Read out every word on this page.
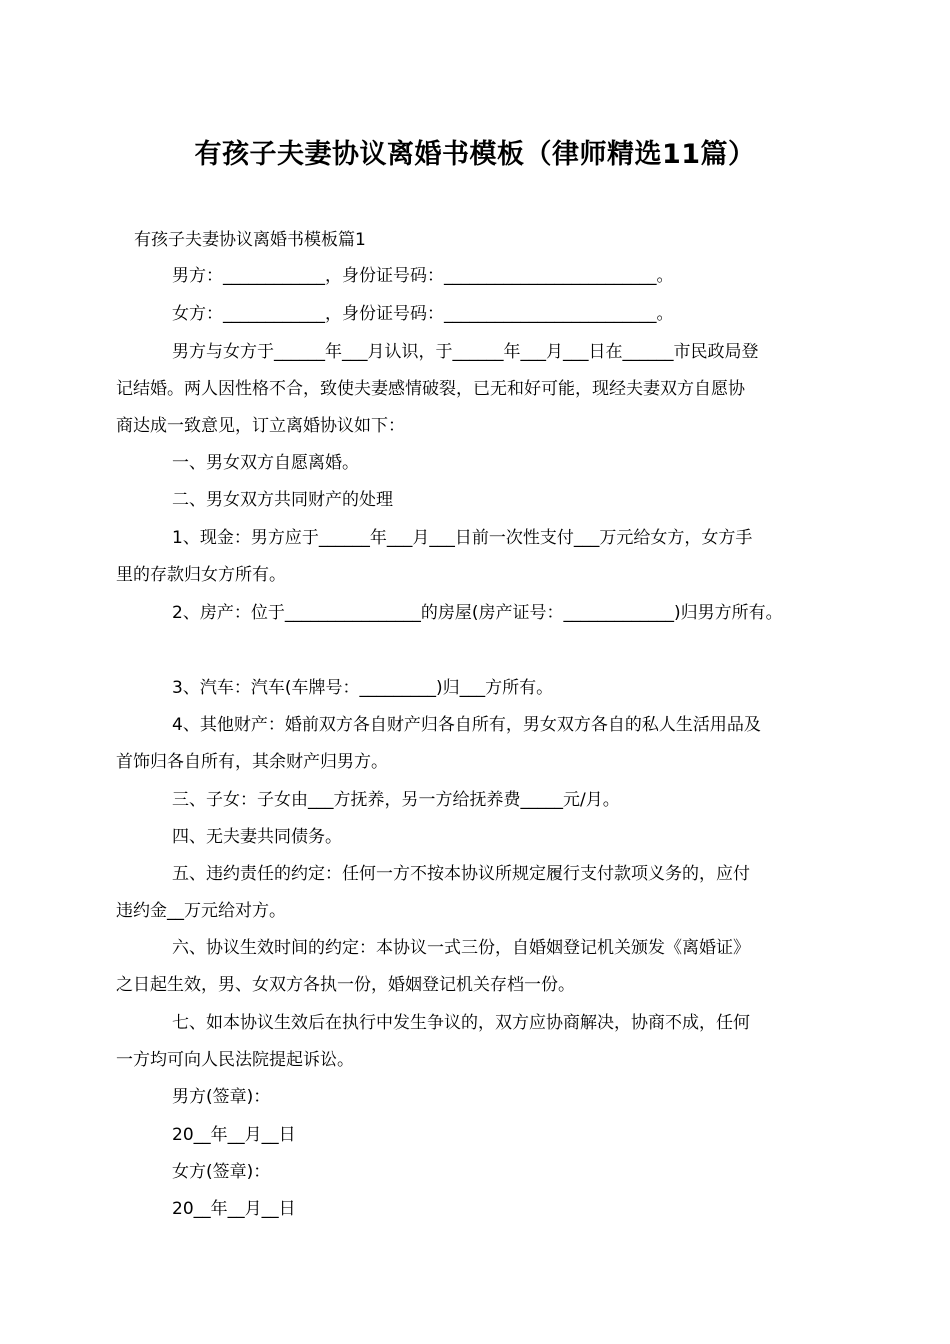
有孩子夫妻协议离婚书模板（律师精选11篇）
有孩子夫妻协议离婚书模板篇1
男方：____________，身份证号码：_________________________。
女方：____________，身份证号码：_________________________。
男方与女方于______年___月认识，于______年___月___日在______市民政局登
记结婚。两人因性格不合，致使夫妻感情破裂，已无和好可能，现经夫妻双方自愿协
商达成一致意见，订立离婚协议如下：
一、男女双方自愿离婚。
二、男女双方共同财产的处理
1、现金：男方应于______年___月___日前一次性支付___万元给女方，女方手
里的存款归女方所有。
2、房产：位于________________的房屋(房产证号：_____________)归男方所有。
3、汽车：汽车(车牌号：_________)归___方所有。
4、其他财产：婚前双方各自财产归各自所有，男女双方各自的私人生活用品及
首饰归各自所有，其余财产归男方。
三、子女：子女由___方抚养，另一方给抚养费_____元/月。
四、无夫妻共同债务。
五、违约责任的约定：任何一方不按本协议所规定履行支付款项义务的，应付
违约金__万元给对方。
六、协议生效时间的约定：本协议一式三份，自婚姻登记机关颁发《离婚证》
之日起生效，男、女双方各执一份，婚姻登记机关存档一份。
七、如本协议生效后在执行中发生争议的，双方应协商解决，协商不成，任何
一方均可向人民法院提起诉讼。
男方(签章)：
20__年__月__日
女方(签章)：
20__年__月__日
